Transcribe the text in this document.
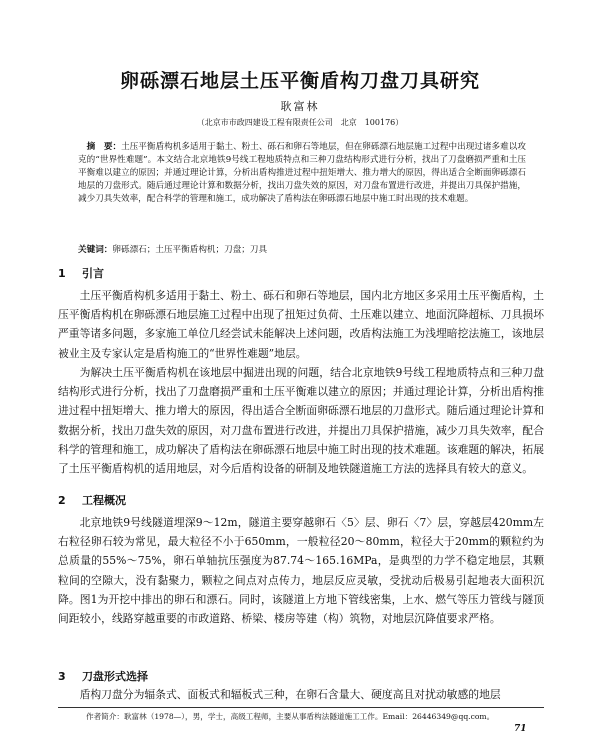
卵砾漂石地层土压平衡盾构刀盘刀具研究
耿富林
（北京市市政四建设工程有限责任公司　北京　100176）

摘　要：土压平衡盾构机多适用于黏土、粉土、砾石和卵石等地层，但在卵砾漂石地层施工过程中出现过诸多难以攻克的“世界性难题”。本文结合北京地铁9号线工程地质特点和三种刀盘结构形式进行分析，找出了刀盘磨损严重和土压平衡难以建立的原因；并通过理论计算，分析出盾构推进过程中扭矩增大、推力增大的原因，得出适合全断面卵砾漂石地层的刀盘形式。随后通过理论计算和数据分析，找出刀盘失效的原因，对刀盘布置进行改进，并提出刀具保护措施，减少刀具失效率，配合科学的管理和施工，成功解决了盾构法在卵砾漂石地层中施工时出现的技术难题。

关键词：卵砾漂石；土压平衡盾构机；刀盘；刀具

1 引言

土压平衡盾构机多适用于黏土、粉土、砾石和卵石等地层，国内北方地区多采用土压平衡盾构，土压平衡盾构机在卵砾漂石地层施工过程中出现了扭矩过负荷、土压难以建立、地面沉降超标、刀具损坏严重等诸多问题，多家施工单位几经尝试未能解决上述问题，改盾构法施工为浅埋暗挖法施工，该地层被业主及专家认定是盾构施工的“世界性难题”地层。

为解决土压平衡盾构机在该地层中掘进出现的问题，结合北京地铁9号线工程地质特点和三种刀盘结构形式进行分析，找出了刀盘磨损严重和土压平衡难以建立的原因；并通过理论计算，分析出盾构推进过程中扭矩增大、推力增大的原因，得出适合全断面卵砾漂石地层的刀盘形式。随后通过理论计算和数据分析，找出刀盘失效的原因，对刀盘布置进行改进，并提出刀具保护措施，减少刀具失效率，配合科学的管理和施工，成功解决了盾构法在卵砾漂石地层中施工时出现的技术难题。该难题的解决，拓展了土压平衡盾构机的适用地层，对今后盾构设备的研制及地铁隧道施工方法的选择具有较大的意义。

2 工程概况

北京地铁9号线隧道埋深9～12m，隧道主要穿越卵石〈5〉层、卵石〈7〉层，穿越层420mm左右粒径卵石较为常见，最大粒径不小于650mm，一般粒径20～80mm，粒径大于20mm的颗粒约为总质量的55%～75%，卵石单轴抗压强度为87.74～165.16MPa，是典型的力学不稳定地层，其颗粒间的空隙大，没有黏聚力，颗粒之间点对点传力，地层反应灵敏，受扰动后极易引起地表大面积沉降。图1为开挖中排出的卵石和漂石。同时，该隧道上方地下管线密集，上水、燃气等压力管线与隧顶间距较小，线路穿越重要的市政道路、桥梁、楼房等建（构）筑物，对地层沉降值要求严格。

3 刀盘形式选择

盾构刀盘分为辐条式、面板式和辐板式三种，在卵石含量大、硬度高且对扰动敏感的地层

作者简介：耿富林（1978—），男，学士，高级工程师，主要从事盾构法隧道施工工作。Email：26446349@qq.com。

71
